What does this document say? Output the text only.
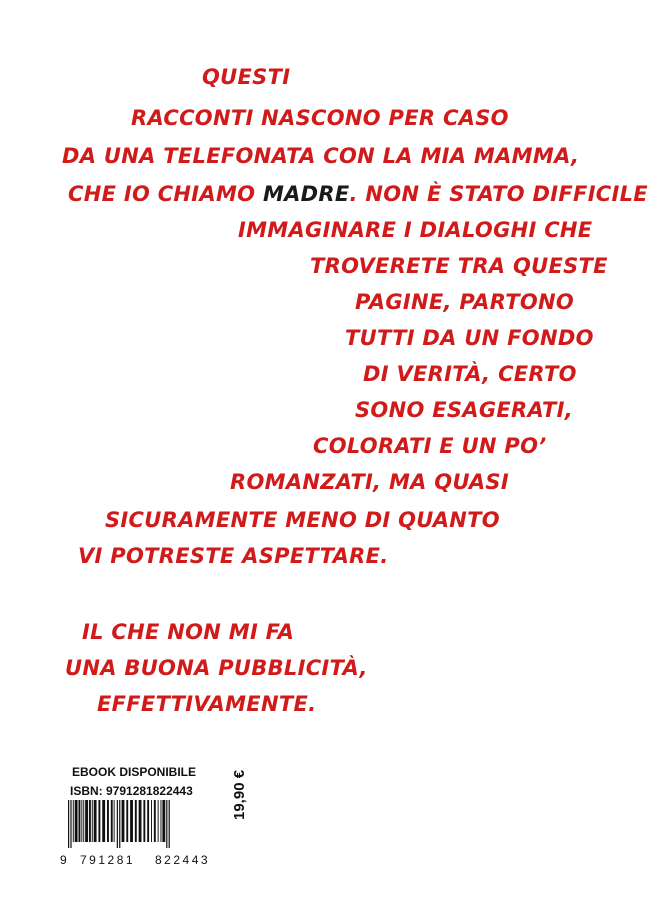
QUESTI
RACCONTI NASCONO PER CASO
DA UNA TELEFONATA CON LA MIA MAMMA,
CHE IO CHIAMO MADRE. NON È STATO DIFFICILE
IMMAGINARE I DIALOGHI CHE
TROVERETE TRA QUESTE
PAGINE, PARTONO
TUTTI DA UN FONDO
DI VERITÀ, CERTO
SONO ESAGERATI,
COLORATI E UN PO’
ROMANZATI, MA QUASI
SICURAMENTE MENO DI QUANTO
VI POTRESTE ASPETTARE.
IL CHE NON MI FA
UNA BUONA PUBBLICITÀ,
EFFETTIVAMENTE.
EBOOK DISPONIBILE
ISBN: 9791281822443
9 791281 822443
19,90 €
